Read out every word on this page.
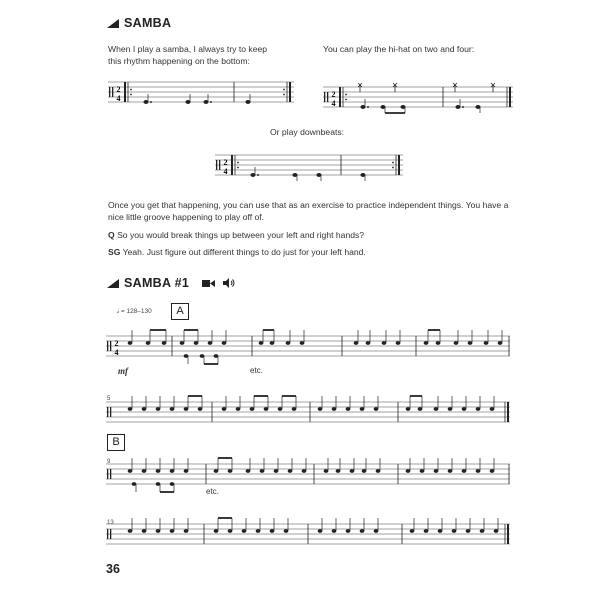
SAMBA
When I play a samba, I always try to keep this rhythm happening on the bottom:
You can play the hi-hat on two and four:
2
4	2
4
Or play downbeats:
2
4
Once you get that happening, you can use that as an exercise to practice independent things. You have a nice little groove happening to play off of.
Q So you would break things up between your left and right hands?
SG Yeah. Just figure out different things to do just for your left hand.
SAMBA #1
𝅗𝅥 = 128–130	A
2
4
mf	etc.
5
B
9
etc.
13
36
